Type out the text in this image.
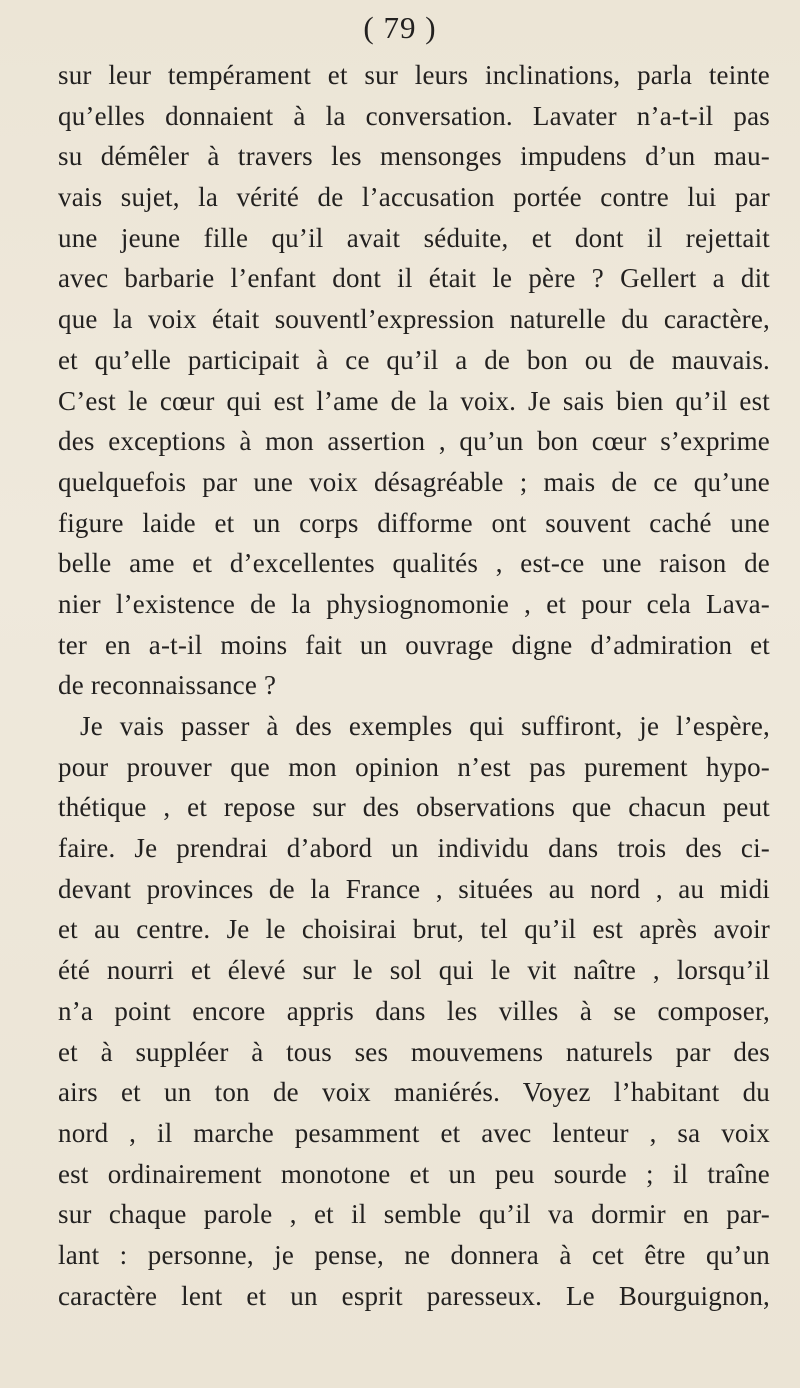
( 79 )
sur leur tempérament et sur leurs inclinations, parla teinte
qu’elles donnaient à la conversation. Lavater n’a-t-il pas
su démêler à travers les mensonges impudens d’un mau-
vais sujet, la vérité de l’accusation portée contre lui par
une jeune fille qu’il avait séduite, et dont il rejettait
avec barbarie l’enfant dont il était le père ? Gellert a dit
que la voix était souventl’expression naturelle du caractère,
et qu’elle participait à ce qu’il a de bon ou de mauvais.
C’est le cœur qui est l’ame de la voix. Je sais bien qu’il est
des exceptions à mon assertion , qu’un bon cœur s’exprime
quelquefois par une voix désagréable ; mais de ce qu’une
figure laide et un corps difforme ont souvent caché une
belle ame et d’excellentes qualités , est-ce une raison de
nier l’existence de la physiognomonie , et pour cela Lava-
ter en a-t-il moins fait un ouvrage digne d’admiration et
de reconnaissance ?
Je vais passer à des exemples qui suffiront, je l’espère,
pour prouver que mon opinion n’est pas purement hypo-
thétique , et repose sur des observations que chacun peut
faire. Je prendrai d’abord un individu dans trois des ci-
devant provinces de la France , situées au nord , au midi
et au centre. Je le choisirai brut, tel qu’il est après avoir
été nourri et élevé sur le sol qui le vit naître , lorsqu’il
n’a point encore appris dans les villes à se composer,
et à suppléer à tous ses mouvemens naturels par des
airs et un ton de voix maniérés. Voyez l’habitant du
nord , il marche pesamment et avec lenteur , sa voix
est ordinairement monotone et un peu sourde ; il traîne
sur chaque parole , et il semble qu’il va dormir en par-
lant : personne, je pense, ne donnera à cet être qu’un
caractère lent et un esprit paresseux. Le Bourguignon,
